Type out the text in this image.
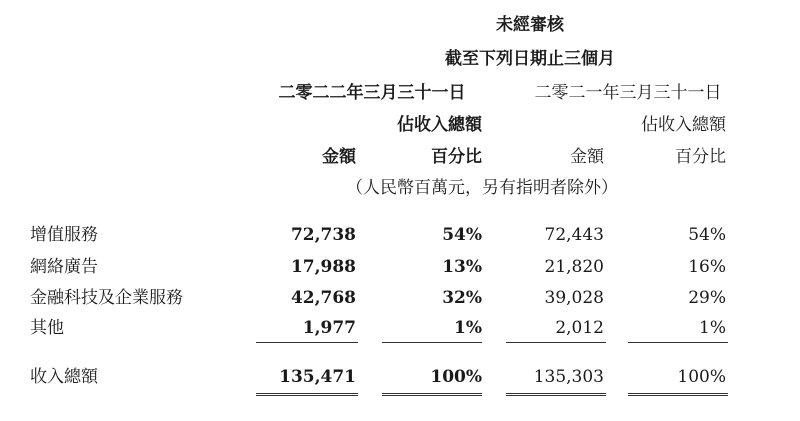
未經審核
截至下列日期止三個月
二零二二年三月三十一日	二零二一年三月三十一日
佔收入總額	佔收入總額
金額	百分比	金額	百分比
（人民幣百萬元，另有指明者除外）
增值服務	72,738	54%	72,443	54%
網絡廣告	17,988	13%	21,820	16%
金融科技及企業服務	42,768	32%	39,028	29%
其他	1,977	1%	2,012	1%
收入總額	135,471	100%	135,303	100%
